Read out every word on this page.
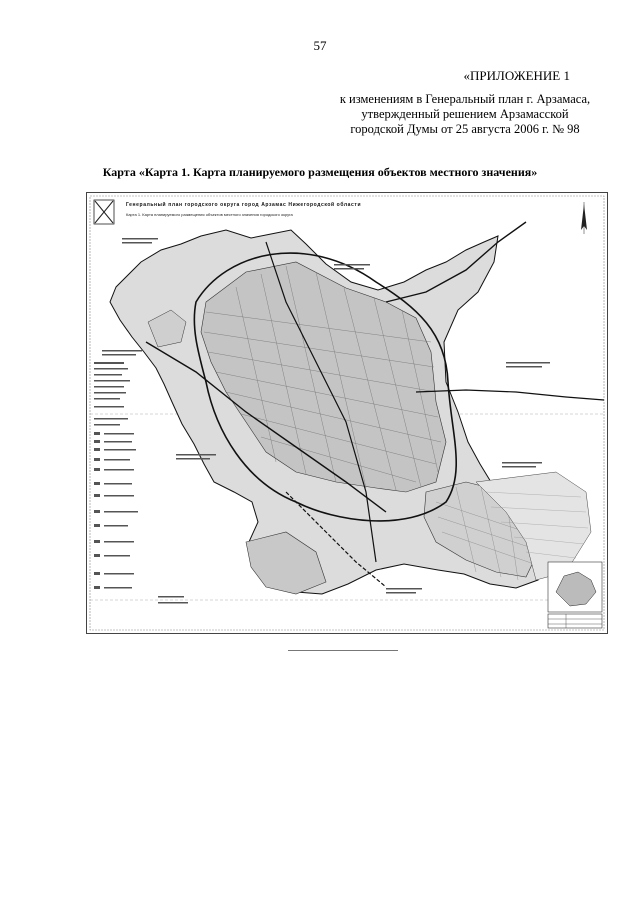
57
«ПРИЛОЖЕНИЕ 1
к изменениям в Генеральный план г. Арзамаса,
утвержденный решением Арзамасской
городской Думы от 25 августа 2006 г. № 98
Карта «Карта 1. Карта планируемого размещения объектов местного значения»
Генеральный план городского округа город Арзамас Нижегородской области
Карта 1. Карта планируемого размещения объектов местного значения городского округа
